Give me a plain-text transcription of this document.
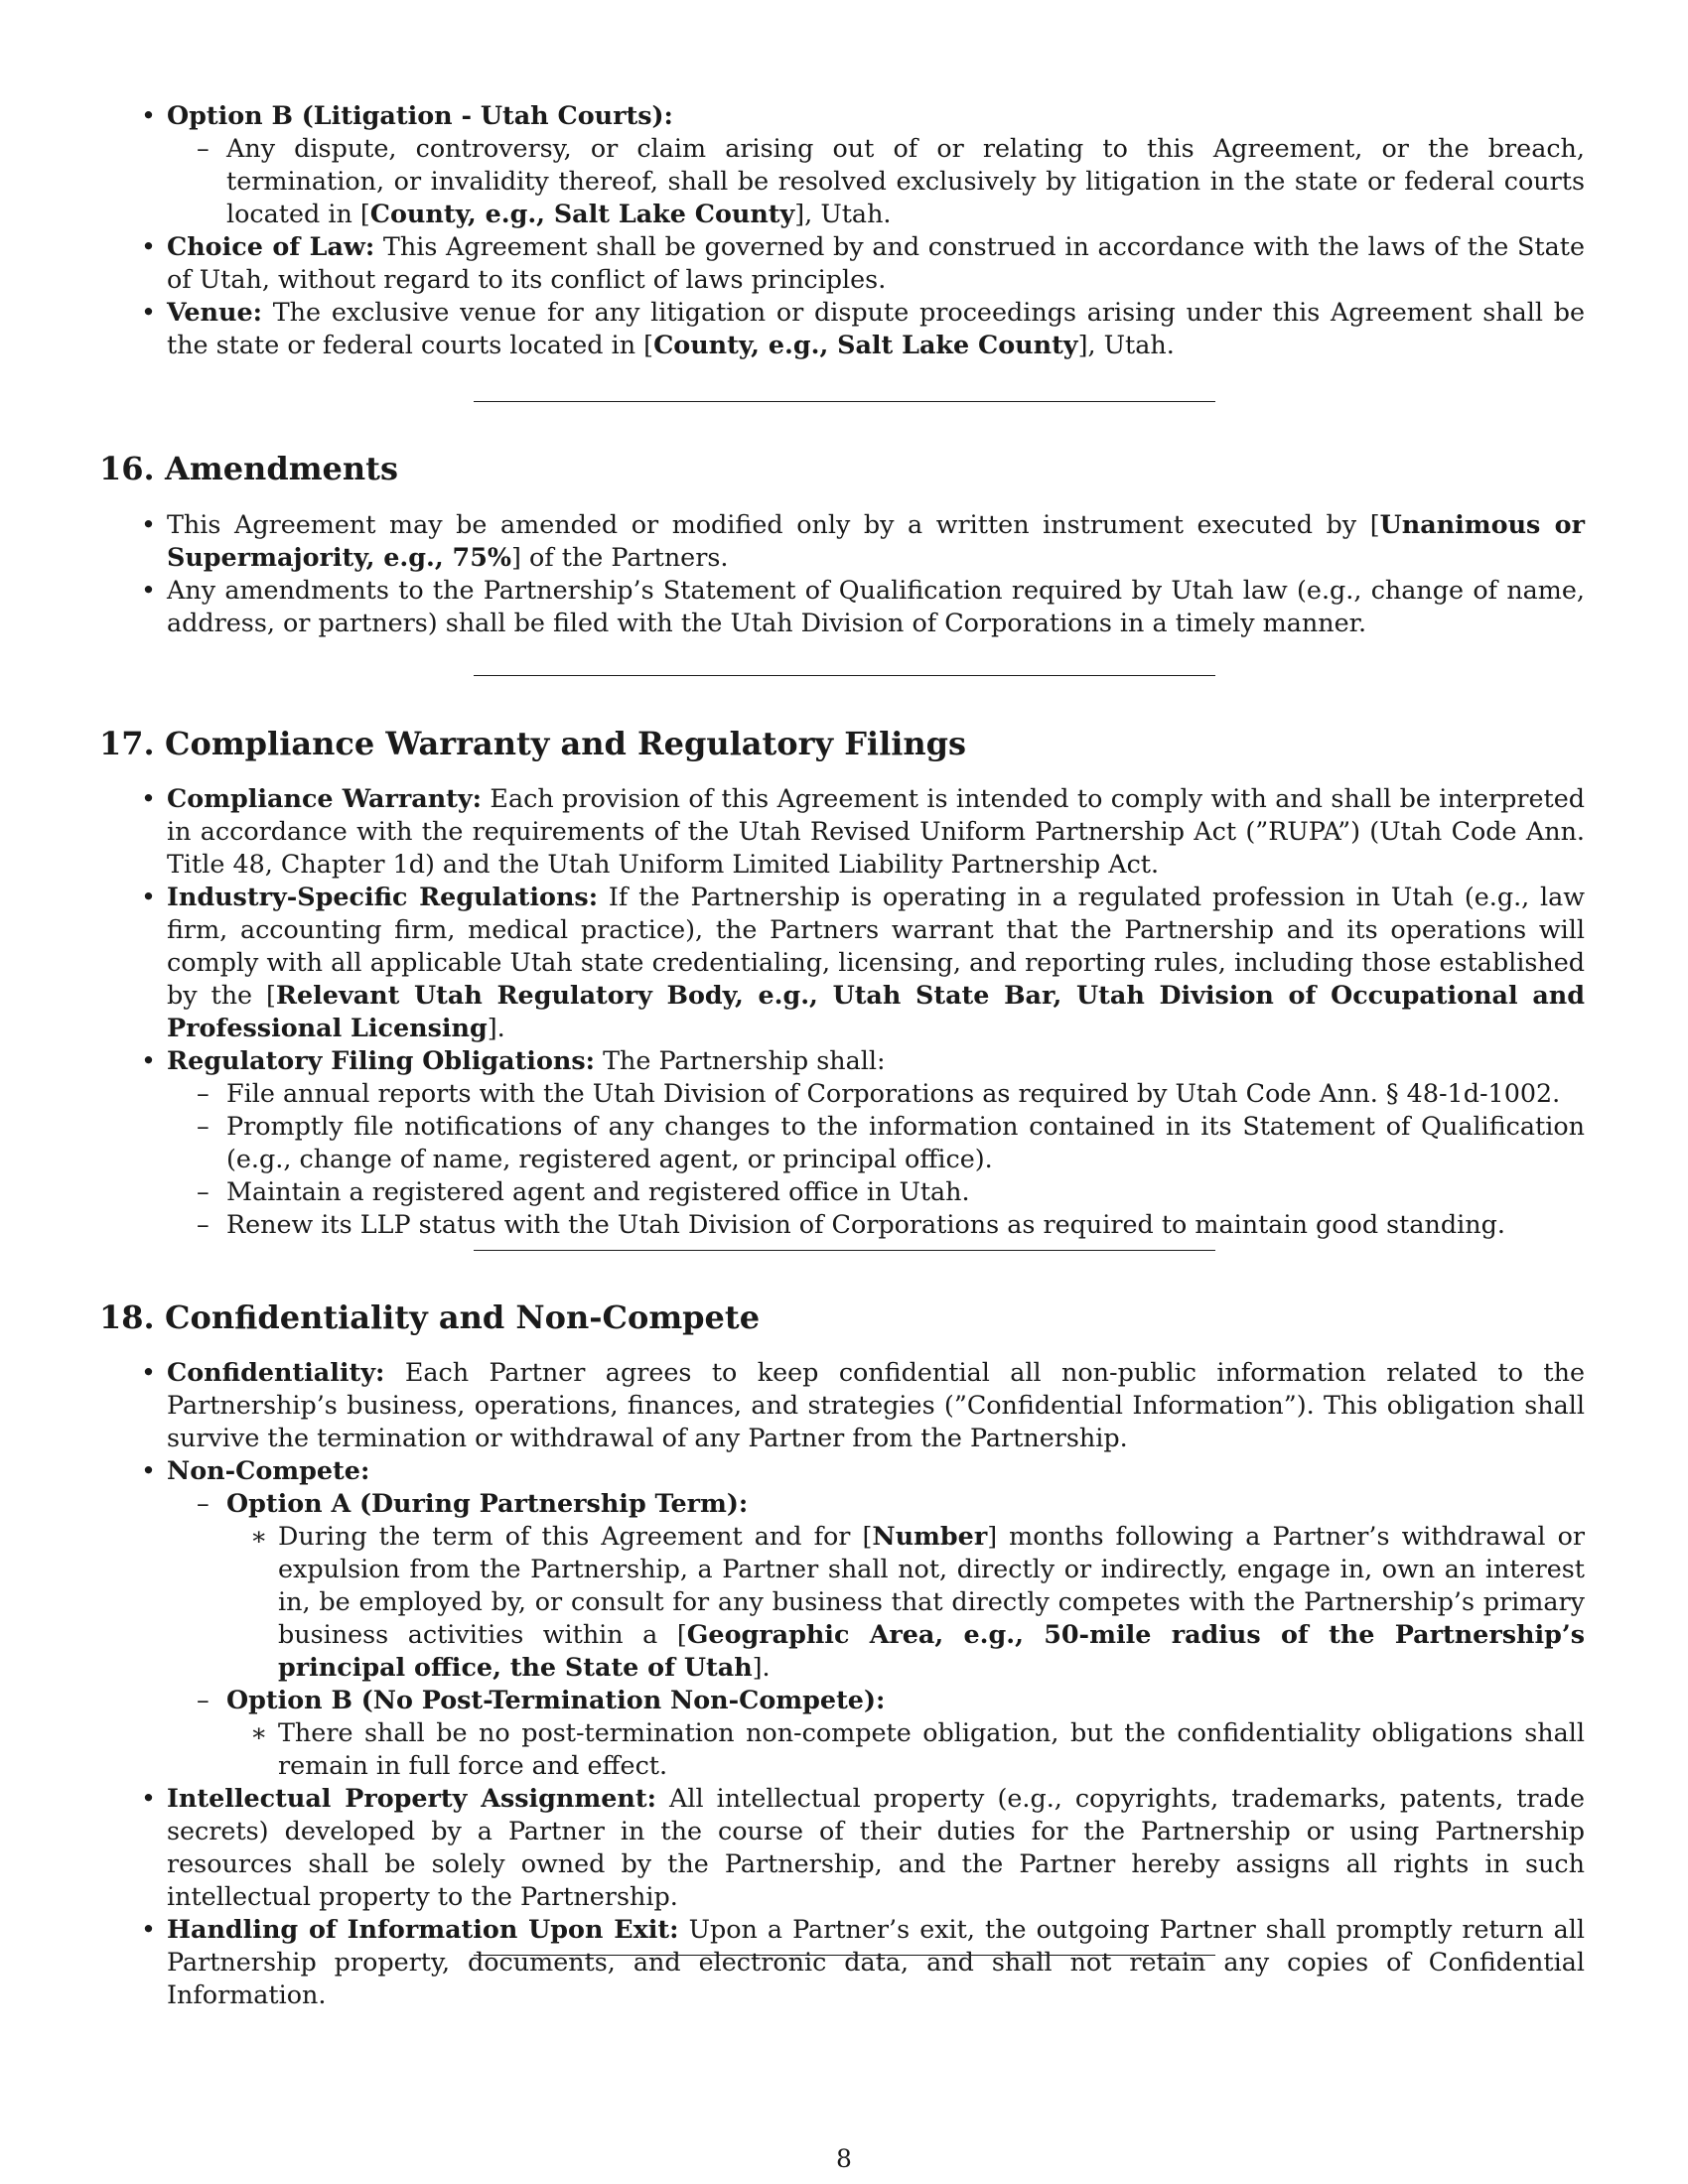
• Option B (Litigation - Utah Courts):
– Any dispute, controversy, or claim arising out of or relating to this Agreement, or the breach, termination, or invalidity thereof, shall be resolved exclusively by litigation in the state or federal courts located in [County, e.g., Salt Lake County], Utah.
• Choice of Law: This Agreement shall be governed by and construed in accordance with the laws of the State of Utah, without regard to its conflict of laws principles.
• Venue: The exclusive venue for any litigation or dispute proceedings arising under this Agreement shall be the state or federal courts located in [County, e.g., Salt Lake County], Utah.
16. Amendments
• This Agreement may be amended or modified only by a written instrument executed by [Unanimous or Supermajority, e.g., 75%] of the Partners.
• Any amendments to the Partnership’s Statement of Qualification required by Utah law (e.g., change of name, address, or partners) shall be filed with the Utah Division of Corporations in a timely manner.
17. Compliance Warranty and Regulatory Filings
• Compliance Warranty: Each provision of this Agreement is intended to comply with and shall be interpreted in accordance with the requirements of the Utah Revised Uniform Partnership Act (”RUPA”) (Utah Code Ann. Title 48, Chapter 1d) and the Utah Uniform Limited Liability Partnership Act.
• Industry-Specific Regulations: If the Partnership is operating in a regulated profession in Utah (e.g., law firm, accounting firm, medical practice), the Partners warrant that the Partnership and its operations will comply with all applicable Utah state credentialing, licensing, and reporting rules, including those established by the [Relevant Utah Regulatory Body, e.g., Utah State Bar, Utah Division of Occupational and Professional Licensing].
• Regulatory Filing Obligations: The Partnership shall:
– File annual reports with the Utah Division of Corporations as required by Utah Code Ann. § 48-1d-1002.
– Promptly file notifications of any changes to the information contained in its Statement of Qualification (e.g., change of name, registered agent, or principal office).
– Maintain a registered agent and registered office in Utah.
– Renew its LLP status with the Utah Division of Corporations as required to maintain good standing.
18. Confidentiality and Non-Compete
• Confidentiality: Each Partner agrees to keep confidential all non-public information related to the Partnership’s business, operations, finances, and strategies (”Confidential Information”). This obligation shall survive the termination or withdrawal of any Partner from the Partnership.
• Non-Compete:
– Option A (During Partnership Term):
∗ During the term of this Agreement and for [Number] months following a Partner’s withdrawal or expulsion from the Partnership, a Partner shall not, directly or indirectly, engage in, own an interest in, be employed by, or consult for any business that directly competes with the Partnership’s primary business activities within a [Geographic Area, e.g., 50-mile radius of the Partnership’s principal office, the State of Utah].
– Option B (No Post-Termination Non-Compete):
∗ There shall be no post-termination non-compete obligation, but the confidentiality obligations shall remain in full force and effect.
• Intellectual Property Assignment: All intellectual property (e.g., copyrights, trademarks, patents, trade secrets) developed by a Partner in the course of their duties for the Partnership or using Partnership resources shall be solely owned by the Partnership, and the Partner hereby assigns all rights in such intellectual property to the Partnership.
• Handling of Information Upon Exit: Upon a Partner’s exit, the outgoing Partner shall promptly return all Partnership property, documents, and electronic data, and shall not retain any copies of Confidential Information.
8
